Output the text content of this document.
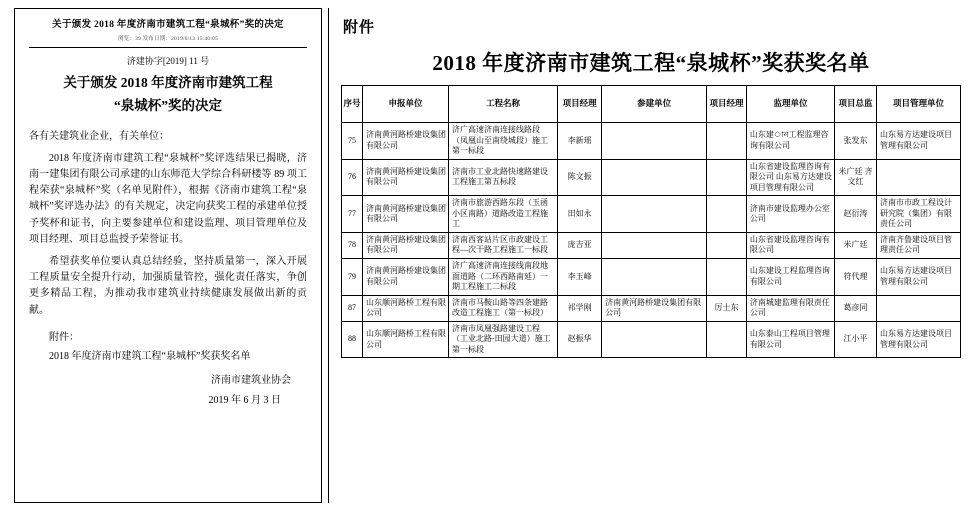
关于颁发 2018 年度济南市建筑工程“泉城杯”奖的决定
浏览：39 发布日期：2019/6/13 15:40:05
济建协字[2019] 11 号
关于颁发 2018 年度济南市建筑工程
“泉城杯”奖的决定
各有关建筑业企业，有关单位：
2018 年度济南市建筑工程“泉城杯”奖评选结果已揭晓，济南一建集团有限公司承建的山东师范大学综合科研楼等 89 项工程荣获“泉城杯”奖（名单见附件），根据《济南市建筑工程“泉城杯”奖评选办法》的有关规定，决定向获奖工程的承建单位授予奖杯和证书，向主要参建单位和建设监理、项目管理单位及项目经理、项目总监授予荣誉证书。
希望获奖单位要认真总结经验，坚持质量第一，深入开展工程质量安全提升行动，加强质量管控，强化责任落实，争创更多精品工程，为推动我市建筑业持续健康发展做出新的贡献。
附件：
2018 年度济南市建筑工程“泉城杯”奖获奖名单
济南市建筑业协会
2019 年 6 月 3 日
附件
2018 年度济南市建筑工程“泉城杯”奖获奖名单
序号	申报单位	工程名称	项目经理	参建单位	项目经理	监理单位	项目总监	项目管理单位
75	济南黄河路桥建设集团有限公司	济广高速济南连接线路段（凤凰山至南绕城段）施工第一标段	李新瑶			山东建ান工程监理咨询有限公司	张发东	山东易方达建设项目管理有限公司
76	济南黄河路桥建设集团有限公司	济南市工业北路快速路建设工程施工第五标段	陈文振			山东省建设监理咨询有限公司 山东易方达建设项目管理有限公司	米广廷 齐文红	
77	济南黄河路桥建设集团有限公司	济南市旅游西路东段（玉函小区南路）道路改造工程施工	田如永			济南市建设监理办公室公司	赵衍涛	济南市市政工程设计研究院（集团）有限责任公司
78	济南黄河路桥建设集团有限公司	济南西客站片区市政建设工程—次干路工程施工一标段	庞吉亚			山东省建设监理咨询有限公司	米广廷	济南齐鲁建设项目管理责任公司
79	济南黄河路桥建设集团有限公司	济广高速济南连接线南段地面道路（二环西路南延）一期工程施工二标段	李玉峰			山东建设工程监理咨询有限公司	符代理	山东易方达建设项目管理有限公司
87	山东顺河路桥工程有限公司	济南市马鞍山路等四条建路改造工程施工（第一标段）	祁学刚	济南黄河路桥建设集团有限公司	厉士东	济南城建监理有限责任公司	葛彦同	
88	山东顺河路桥工程有限公司	济南市凤凰强路建设工程（工业北路-田园大道）施工第一标段	赵振华			山东泰山工程项目管理有限公司	江小平	山东易方达建设项目管理有限公司
